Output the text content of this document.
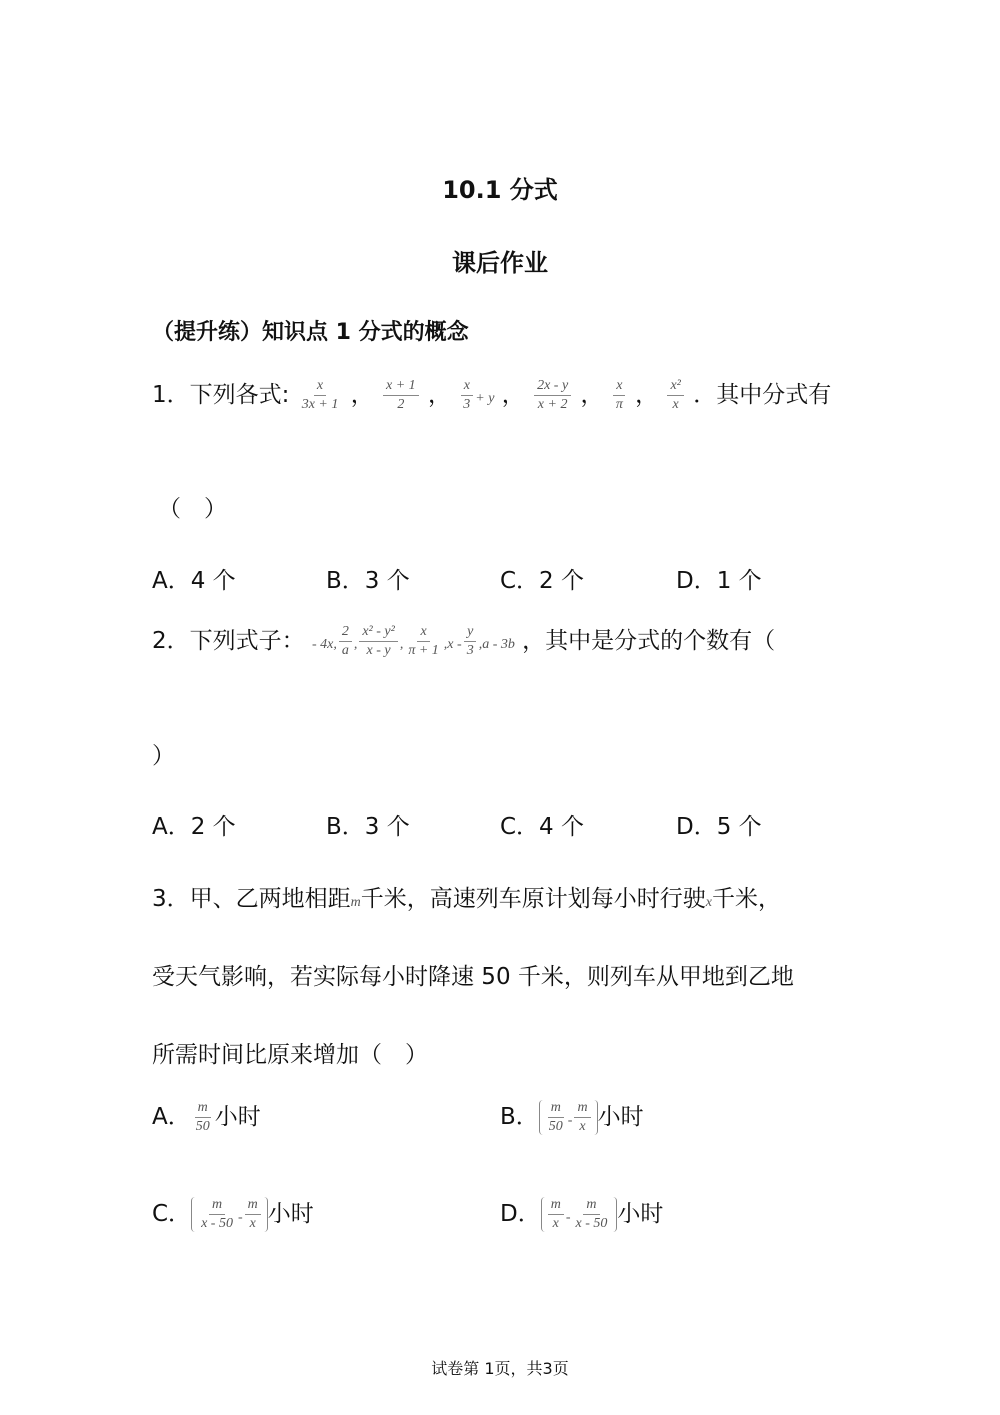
10.1 分式
课后作业
（提升练）知识点 1 分式的概念
1．下列各式: $\frac{x}{3x + 1}$ ， $\frac{x + 1}{2}$ ， $\frac{x}{3} + y$ ， $\frac{2x - y}{x + 2}$ ， $\frac{x}{\pi}$ ， $\frac{\text{x²}}{x}$ ．其中分式有
（　）
A．4 个	B．3 个	C．2 个	D．1 个
2．下列式子： - 4x, $\frac{2}{a}$ , $\frac{\text{x² - y²}}{x - y}$ , $\frac{x}{\pi + 1} ,x - \frac{y}{3} ,a - 3b$ ，其中是分式的个数有（
）
A．2 个	B．3 个	C．4 个	D．5 个
3．甲、乙两地相距m千米，高速列车原计划每小时行驶x千米，
受天气影响，若实际每小时降速 50 千米，则列车从甲地到乙地
所需时间比原来增加（　）
A． $\frac{m}{50}$ 小时	B． $\frac{m}{50} - \frac{m}{x}$ 小时
C． $\frac{m}{x - 50} - \frac{m}{x}$ 小时	D． $\frac{m}{x} - \frac{m}{x - 50}$ 小时
试卷第 1页，共3页
